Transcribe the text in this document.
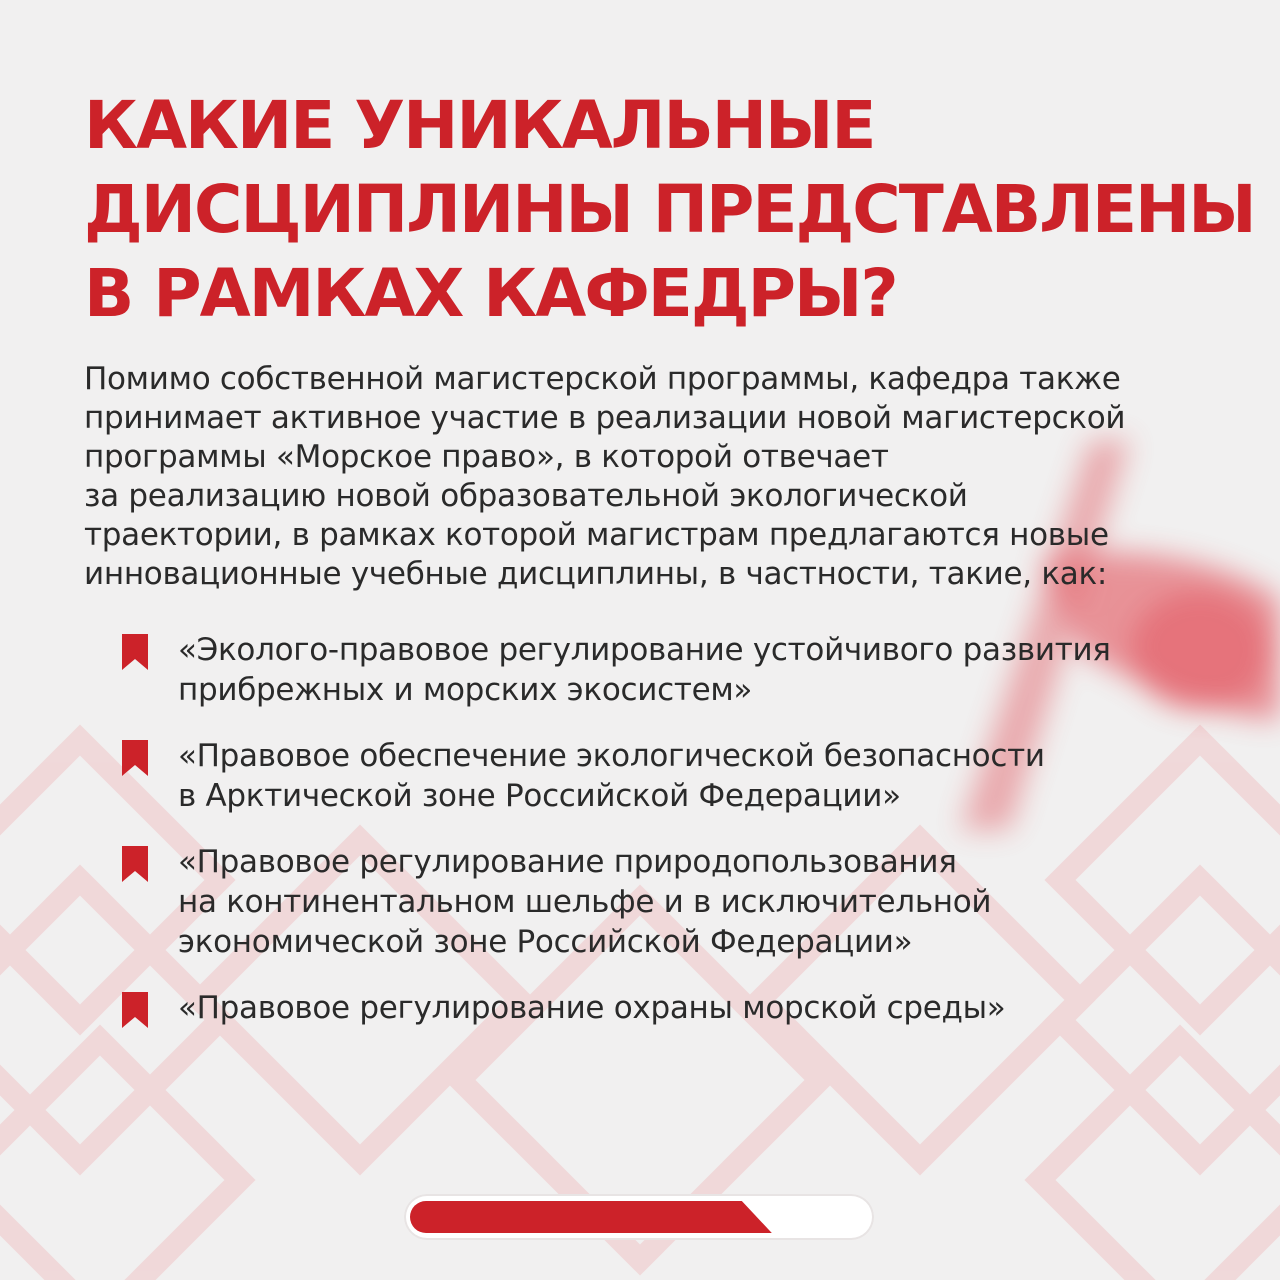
КАКИЕ УНИКАЛЬНЫЕ
ДИСЦИПЛИНЫ ПРЕДСТАВЛЕНЫ
В РАМКАХ КАФЕДРЫ?

Помимо собственной магистерской программы, кафедра также
принимает активное участие в реализации новой магистерской
программы «Морское право», в которой отвечает
за реализацию новой образовательной экологической
траектории, в рамках которой магистрам предлагаются новые
инновационные учебные дисциплины, в частности, такие, как:

«Эколого-правовое регулирование устойчивого развития
прибрежных и морских экосистем»
«Правовое обеспечение экологической безопасности
в Арктической зоне Российской Федерации»
«Правовое регулирование природопользования
на континентальном шельфе и в исключительной
экономической зоне Российской Федерации»
«Правовое регулирование охраны морской среды»
